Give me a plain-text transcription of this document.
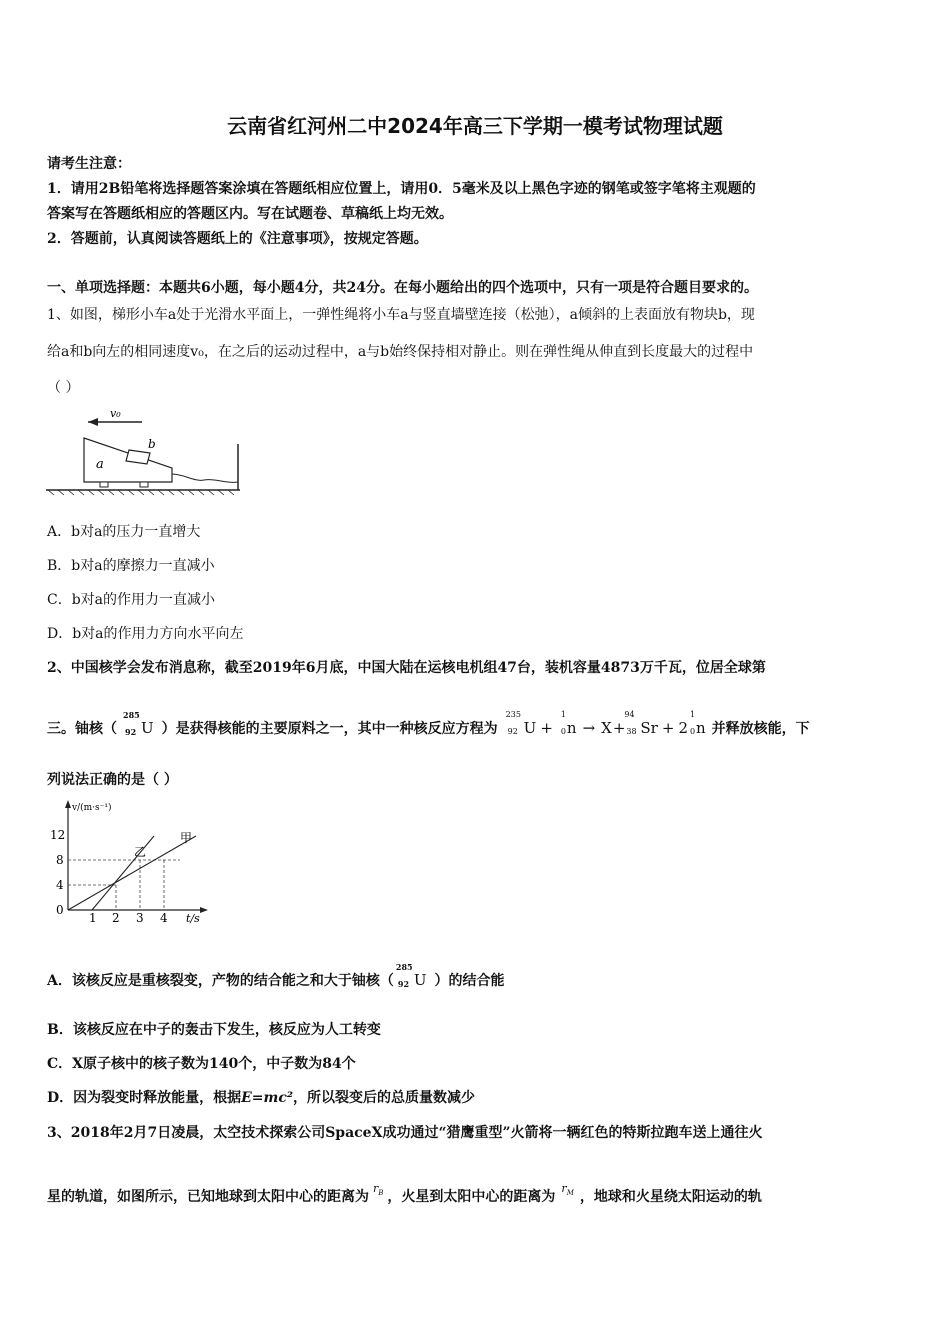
云南省红河州二中2024年高三下学期一模考试物理试题
请考生注意：
1．请用2B铅笔将选择题答案涂填在答题纸相应位置上，请用0．5毫米及以上黑色字迹的钢笔或签字笔将主观题的
答案写在答题纸相应的答题区内。写在试题卷、草稿纸上均无效。
2．答题前，认真阅读答题纸上的《注意事项》，按规定答题。
一、单项选择题：本题共6小题，每小题4分，共24分。在每小题给出的四个选项中，只有一项是符合题目要求的。
1、如图，梯形小车a处于光滑水平面上，一弹性绳将小车a与竖直墙壁连接（松弛），a倾斜的上表面放有物块b，现
给a和b向左的相同速度v₀，在之后的运动过程中，a与b始终保持相对静止。则在弹性绳从伸直到长度最大的过程中
（ ）
v₀
a
b
A．b对a的压力一直增大
B．b对a的摩擦力一直减小
C．b对a的作用力一直减小
D．b对a的作用力方向水平向左
2、中国核学会发布消息称，截至2019年6月底，中国大陆在运核电机组47台，装机容量4873万千瓦，位居全球第
三。铀核（
285
92 U ）是获得核能的主要原料之一，其中一种核反应方程为
235
92 U +
1
0 n → X +
94
38 Sr + 2
1
0 n 并释放核能，下
列说法正确的是（ ）
v/(m·s⁻¹)
t/s
12
8
4
0
1 2 3 4
甲
乙
A．该核反应是重核裂变，产物的结合能之和大于铀核（
285
92 U ）的结合能
B．该核反应在中子的轰击下发生，核反应为人工转变
C．X原子核中的核子数为140个，中子数为84个
D．因为裂变时释放能量，根据E=mc²，所以裂变后的总质量数减少
3、2018年2月7日凌晨，太空技术探索公司SpaceX成功通过“猎鹰重型”火箭将一辆红色的特斯拉跑车送上通往火
星的轨道，如图所示，已知地球到太阳中心的距离为
$r_B$ ，火星到太阳中心的距离为
$r_M$ ，地球和火星绕太阳运动的轨
